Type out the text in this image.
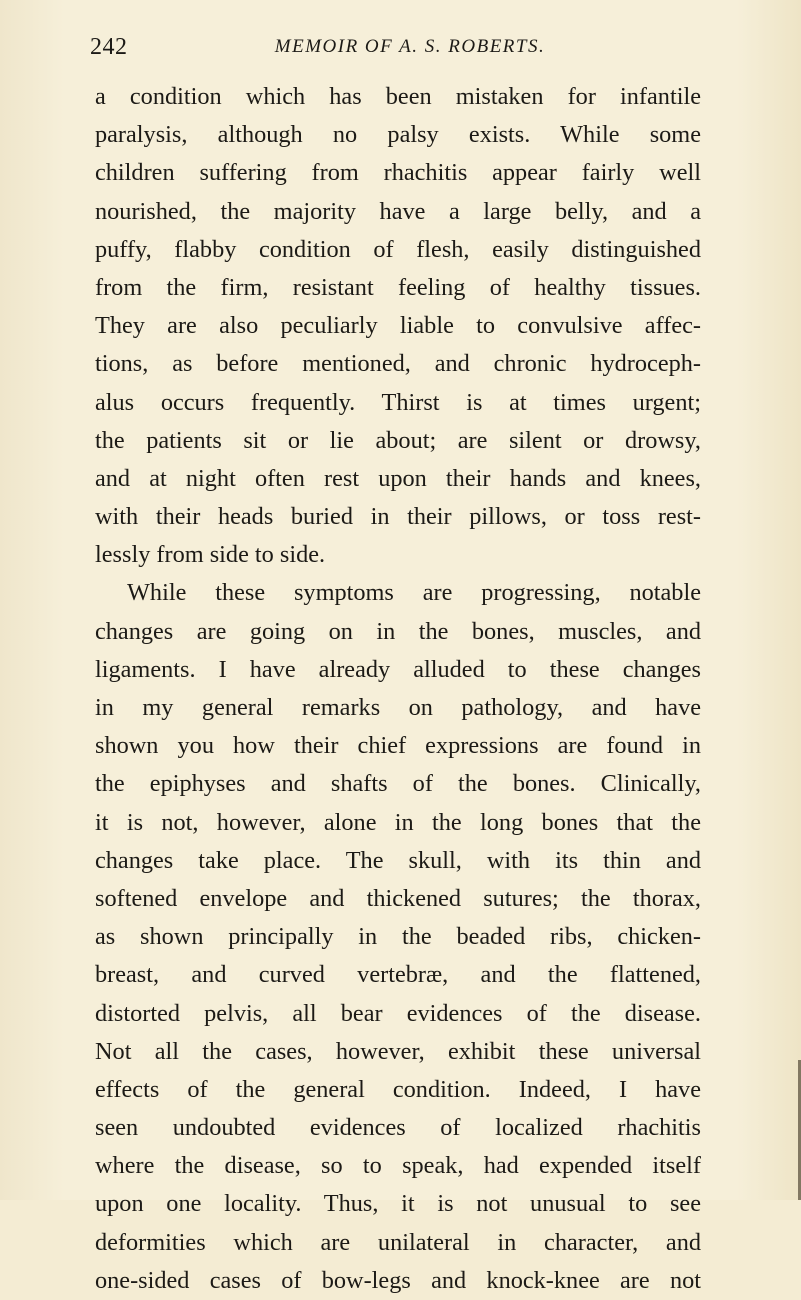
242	MEMOIR OF A. S. ROBERTS.
a condition which has been mistaken for infantile
paralysis, although no palsy exists. While some
children suffering from rhachitis appear fairly well
nourished, the majority have a large belly, and a
puffy, flabby condition of flesh, easily distinguished
from the firm, resistant feeling of healthy tissues.
They are also peculiarly liable to convulsive affec-
tions, as before mentioned, and chronic hydroceph-
alus occurs frequently. Thirst is at times urgent;
the patients sit or lie about; are silent or drowsy,
and at night often rest upon their hands and knees,
with their heads buried in their pillows, or toss rest-
lessly from side to side.
While these symptoms are progressing, notable
changes are going on in the bones, muscles, and
ligaments. I have already alluded to these changes
in my general remarks on pathology, and have
shown you how their chief expressions are found in
the epiphyses and shafts of the bones. Clinically,
it is not, however, alone in the long bones that the
changes take place. The skull, with its thin and
softened envelope and thickened sutures; the thorax,
as shown principally in the beaded ribs, chicken-
breast, and curved vertebræ, and the flattened,
distorted pelvis, all bear evidences of the disease.
Not all the cases, however, exhibit these universal
effects of the general condition. Indeed, I have
seen undoubted evidences of localized rhachitis
where the disease, so to speak, had expended itself
upon one locality. Thus, it is not unusual to see
deformities which are unilateral in character, and
one-sided cases of bow-legs and knock-knee are not
